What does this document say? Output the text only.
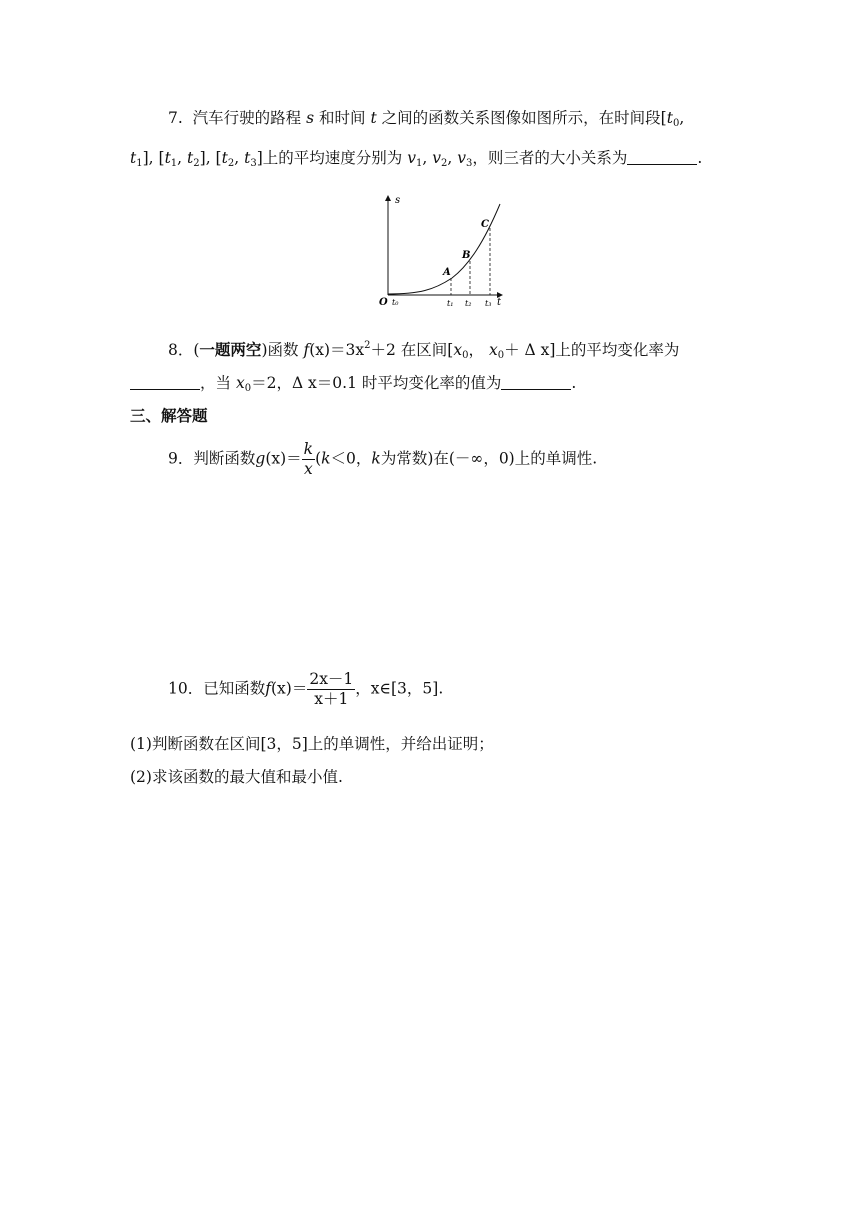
7. 汽车行驶的路程 s 和时间 t 之间的函数关系图像如图所示，在时间段[$t_0$,
$t_1$], [$t_1$, $t_2$], [$t_2$, $t_3$]上的平均速度分别为 $v_1$, $v_2$, $v_3$，则三者的大小关系为	.
s
t
O t₀	t₁ t₂ t₃
A
B
C
8．(一题两空)函数 $f(x)=3x^2+2$ 在区间[$x_0$， $x_0+ \Delta$ x]上的平均变化率为
，当 $x_0=2$，Δ x＝0.1 时平均变化率的值为	.
三、解答题
9．判断函数$g(x)= \frac{k}{x} (k<0$，k为常数)在(－∞，0)上的单调性.
10．已知函数$f(x)= \frac{2x-1}{x+1}$ ，x∈[3，5].
(1)判断函数在区间[3，5]上的单调性，并给出证明；
(2)求该函数的最大值和最小值.
